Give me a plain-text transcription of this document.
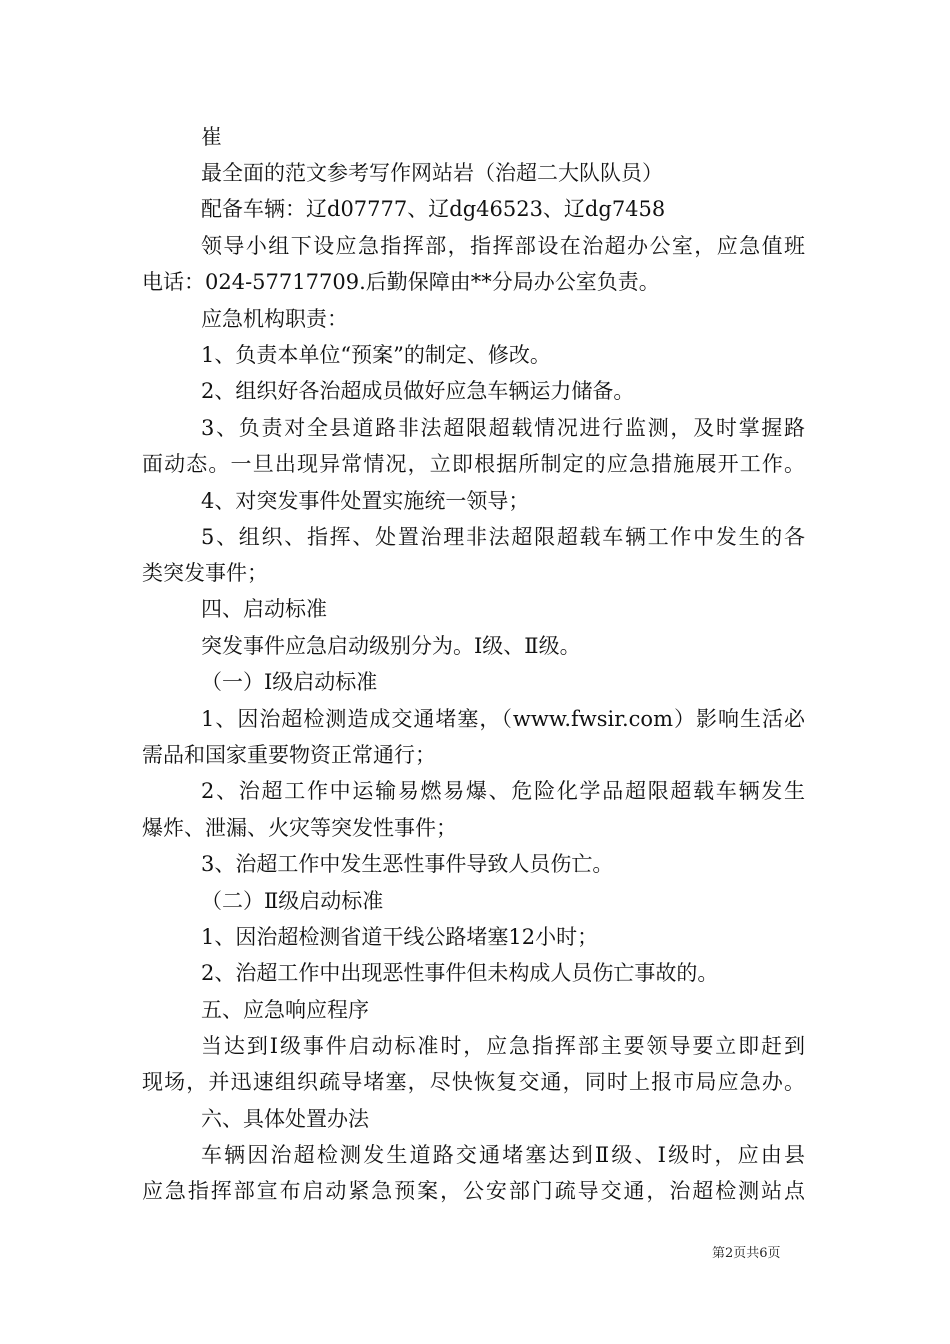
崔
最全面的范文参考写作网站岩（治超二大队队员）
配备车辆：辽d07777、辽dg46523、辽dg7458
领导小组下设应急指挥部，指挥部设在治超办公室，应急值班
电话：024-57717709.后勤保障由**分局办公室负责。
应急机构职责：
1、负责本单位“预案”的制定、修改。
2、组织好各治超成员做好应急车辆运力储备。
3、负责对全县道路非法超限超载情况进行监测，及时掌握路
面动态。一旦出现异常情况，立即根据所制定的应急措施展开工作。
4、对突发事件处置实施统一领导；
5、组织、指挥、处置治理非法超限超载车辆工作中发生的各
类突发事件；
四、启动标准
突发事件应急启动级别分为。Ⅰ级、Ⅱ级。
（一）Ⅰ级启动标准
1、因治超检测造成交通堵塞，（www.fwsir.com）影响生活必
需品和国家重要物资正常通行；
2、治超工作中运输易燃易爆、危险化学品超限超载车辆发生
爆炸、泄漏、火灾等突发性事件；
3、治超工作中发生恶性事件导致人员伤亡。
（二）Ⅱ级启动标准
1、因治超检测省道干线公路堵塞12小时；
2、治超工作中出现恶性事件但未构成人员伤亡事故的。
五、应急响应程序
当达到Ⅰ级事件启动标准时，应急指挥部主要领导要立即赶到
现场，并迅速组织疏导堵塞，尽快恢复交通，同时上报市局应急办。
六、具体处置办法
车辆因治超检测发生道路交通堵塞达到Ⅱ级、Ⅰ级时，应由县
应急指挥部宣布启动紧急预案，公安部门疏导交通，治超检测站点
第2页共6页
